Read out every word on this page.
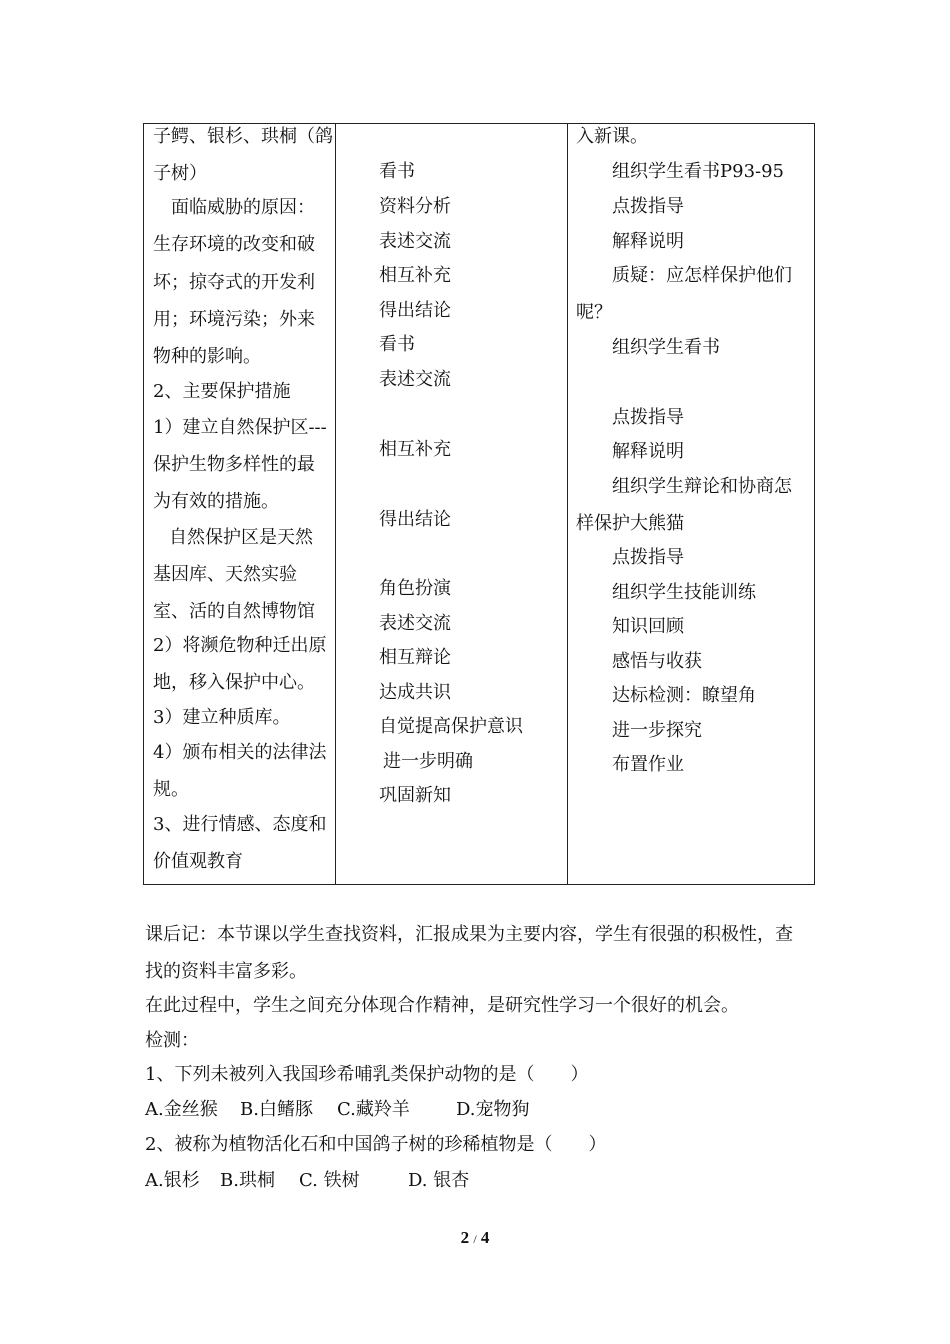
子鳄、银杉、珙桐（鸽
子树）
面临威胁的原因：
生存环境的改变和破
坏；掠夺式的开发利
用；环境污染；外来
物种的影响。
2、主要保护措施
1）建立自然保护区---
保护生物多样性的最
为有效的措施。
自然保护区是天然
基因库、天然实验
室、活的自然博物馆
2）将濒危物种迁出原
地，移入保护中心。
3）建立种质库。
4）颁布相关的法律法
规。
3、进行情感、态度和
价值观教育
看书
资料分析
表述交流
相互补充
得出结论
看书
表述交流
相互补充
得出结论
角色扮演
表述交流
相互辩论
达成共识
自觉提高保护意识
进一步明确
巩固新知
入新课。
组织学生看书P93-95
点拨指导
解释说明
质疑：应怎样保护他们
呢？
组织学生看书
点拨指导
解释说明
组织学生辩论和协商怎
样保护大熊猫
点拨指导
组织学生技能训练
知识回顾
感悟与收获
达标检测：瞭望角
进一步探究
布置作业
课后记：本节课以学生查找资料，汇报成果为主要内容，学生有很强的积极性，查
找的资料丰富多彩。
在此过程中，学生之间充分体现合作精神，是研究性学习一个很好的机会。
检测：
1、下列未被列入我国珍希哺乳类保护动物的是（　　）
A.金丝猴 B.白鳍豚 C.藏羚羊	D.宠物狗
2、被称为植物活化石和中国鸽子树的珍稀植物是（　　）
A.银杉 B.珙桐 C. 铁树	D. 银杏
2 / 4
